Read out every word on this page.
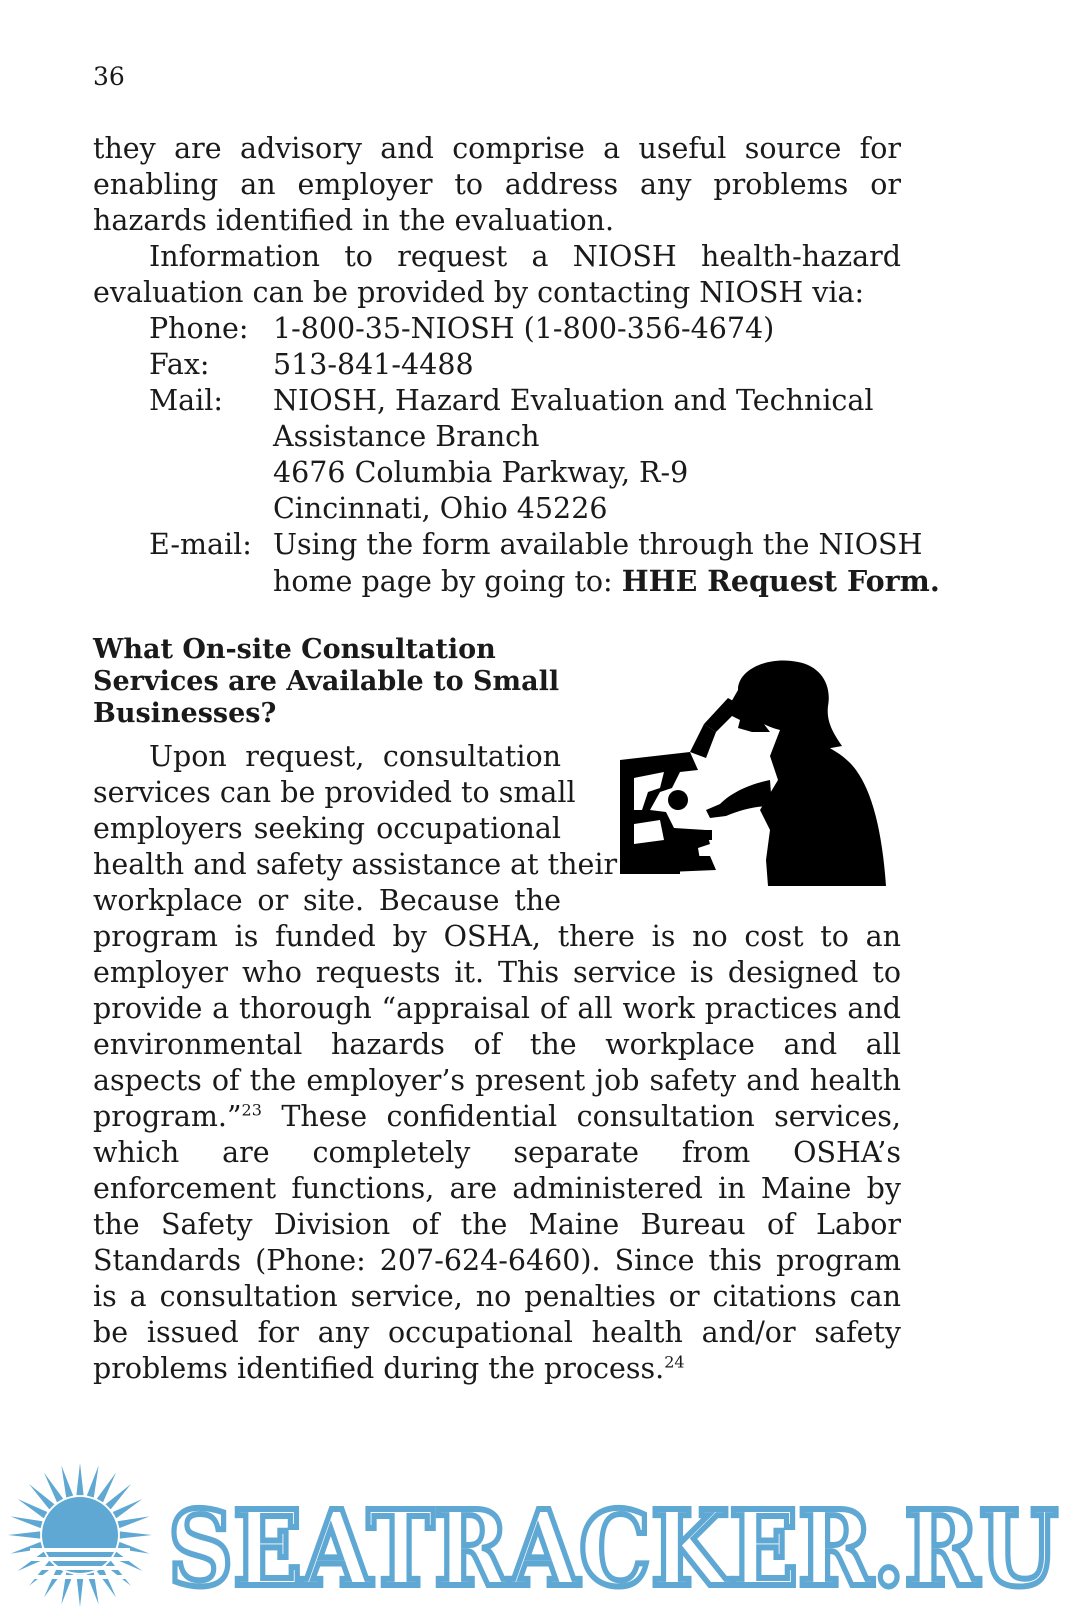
36

they are advisory and comprise a useful source for enabling an employer to address any problems or hazards identified in the evaluation.

Information to request a NIOSH health-hazard evaluation can be provided by contacting NIOSH via:

Phone: 1-800-35-NIOSH (1-800-356-4674)
Fax:	513-841-4488
Mail:	NIOSH, Hazard Evaluation and Technical
Assistance Branch
4676 Columbia Parkway, R-9
Cincinnati, Ohio 45226
E-mail: Using the form available through the NIOSH
home page by going to: HHE Request Form.
What On-site Consultation
Services are Available to Small
Businesses?
Upon request, consultation
services can be provided to small
employers seeking occupational
health and safety assistance at their
workplace or site. Because the
program is funded by OSHA, there is no cost to an employer who requests it. This service is designed to provide a thorough “appraisal of all work practices and environmental hazards of the workplace and all aspects of the employer’s present job safety and health program.”$^{23}$ These confidential consultation services, which are completely separate from OSHA’s enforcement functions, are administered in Maine by the Safety Division of the Maine Bureau of Labor Standards (Phone: 207-624-6460). Since this program is a consultation service, no penalties or citations can be issued for any occupational health and/or safety problems identified during the process.$^{24}$
SEATRACKER.RU
